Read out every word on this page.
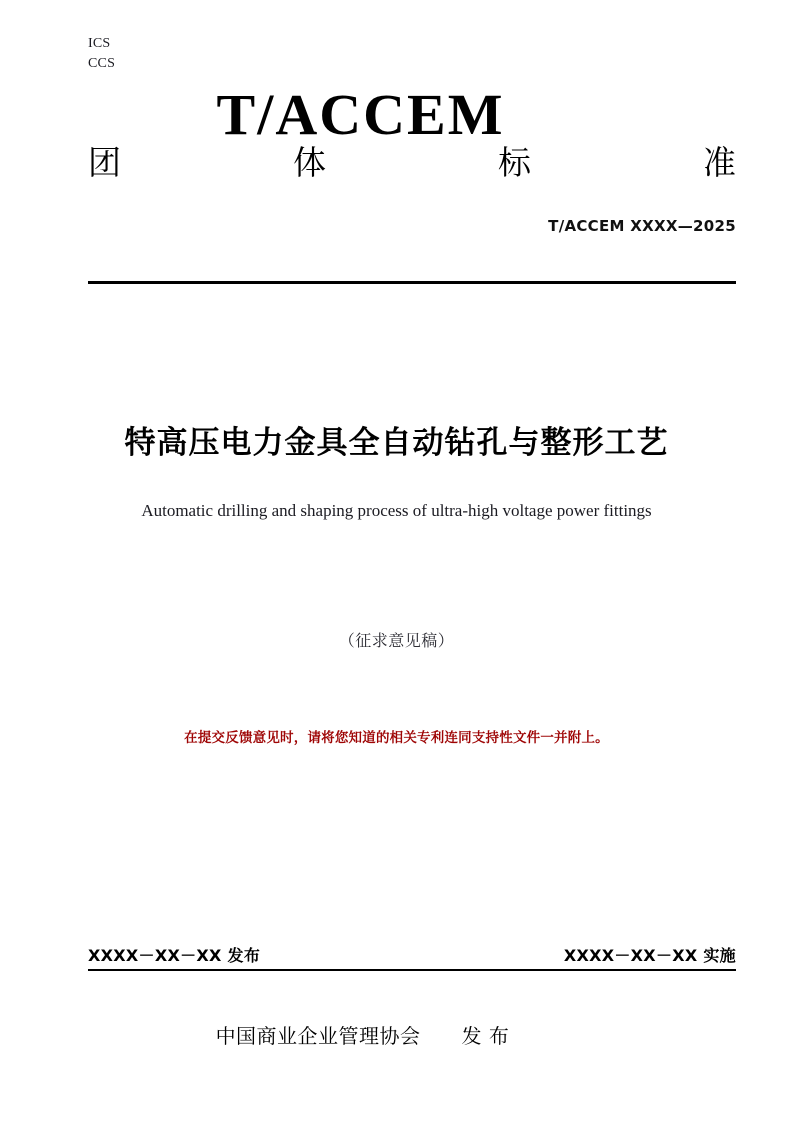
ICS
CCS
T/ACCEM
团	体	标	准
T/ACCEM XXXX—2025
特高压电力金具全自动钻孔与整形工艺
Automatic drilling and shaping process of ultra-high voltage power fittings
（征求意见稿）
在提交反馈意见时，请将您知道的相关专利连同支持性文件一并附上。
XXXX－XX－XX 发布	XXXX－XX－XX 实施
中国商业企业管理协会　　发 布
